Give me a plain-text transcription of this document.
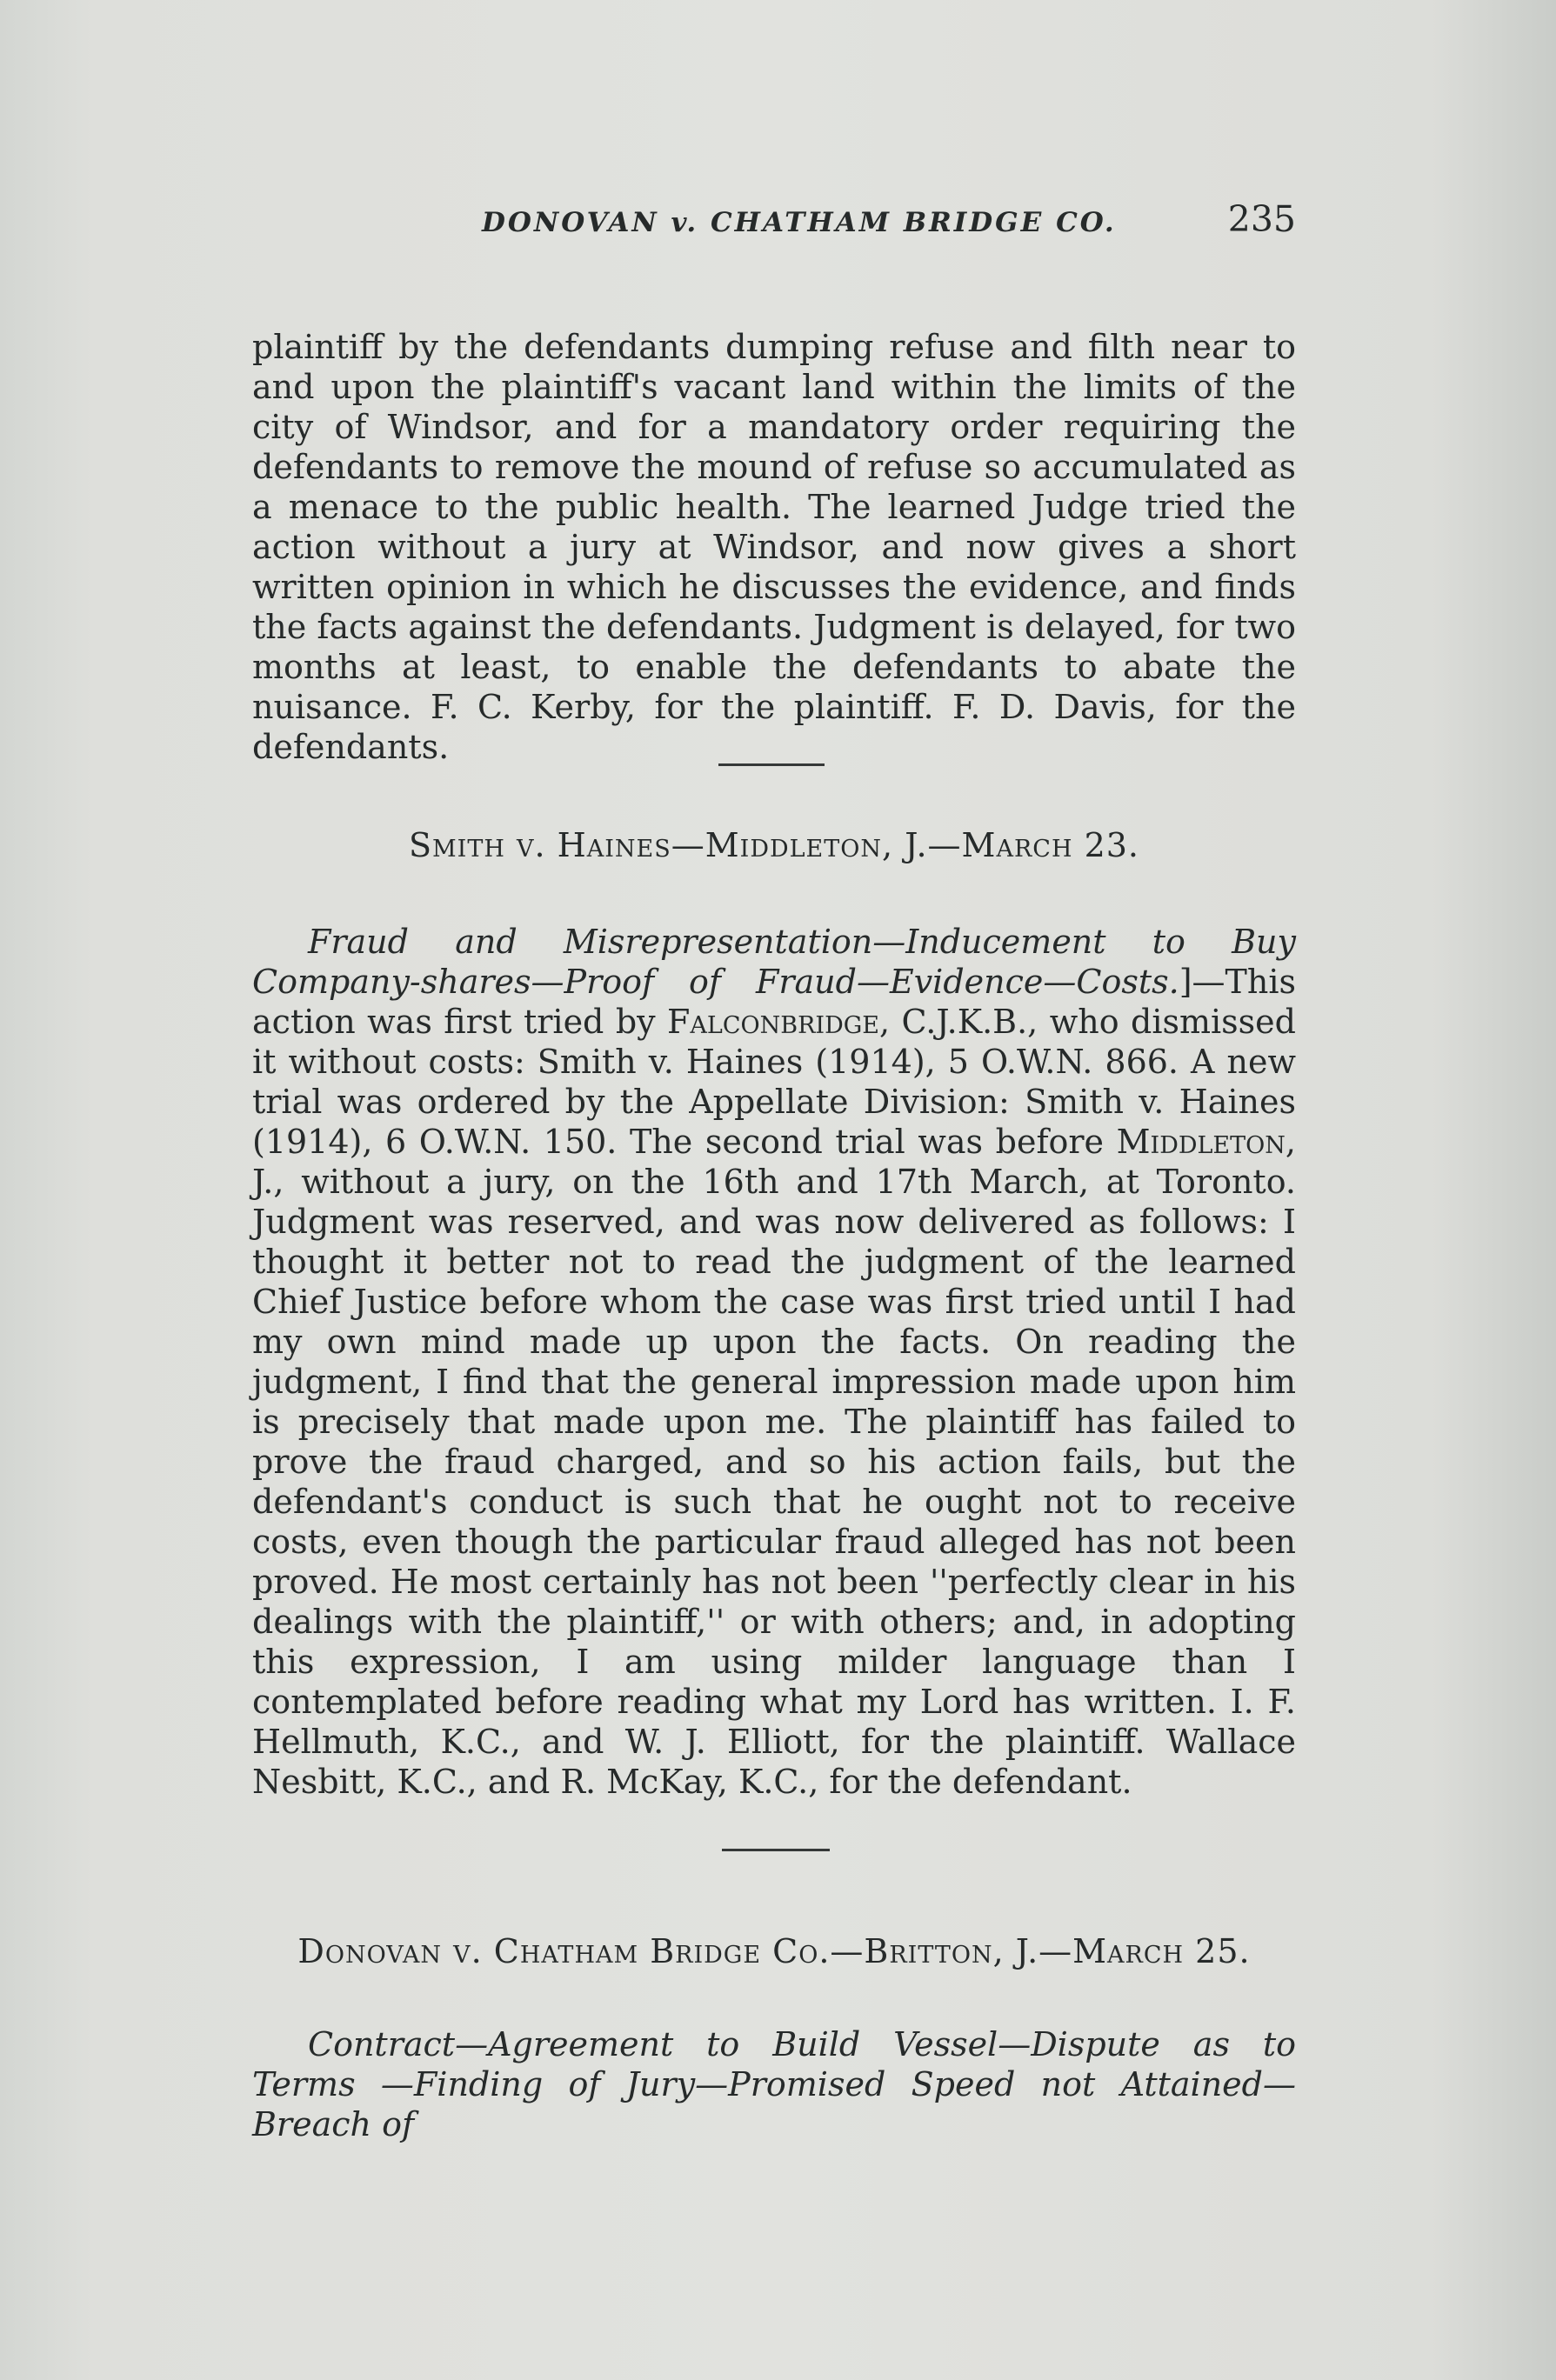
DONOVAN v. CHATHAM BRIDGE CO.	235

plaintiff by the defendants dumping refuse and filth near to and upon the plaintiff's vacant land within the limits of the city of Windsor, and for a mandatory order requiring the defendants to remove the mound of refuse so accumulated as a menace to the public health. The learned Judge tried the action without a jury at Windsor, and now gives a short written opinion in which he discusses the evidence, and finds the facts against the defendants. Judgment is delayed, for two months at least, to enable the defendants to abate the nuisance. F. C. Kerby, for the plaintiff. F. D. Davis, for the defendants.

Smith v. Haines—Middleton, J.—March 23.

Fraud and Misrepresentation—Inducement to Buy Company-shares—Proof of Fraud—Evidence—Costs.]—This action was first tried by Falconbridge, C.J.K.B., who dismissed it without costs: Smith v. Haines (1914), 5 O.W.N. 866. A new trial was ordered by the Appellate Division: Smith v. Haines (1914), 6 O.W.N. 150. The second trial was before Middleton, J., without a jury, on the 16th and 17th March, at Toronto. Judgment was reserved, and was now delivered as follows: I thought it better not to read the judgment of the learned Chief Justice before whom the case was first tried until I had my own mind made up upon the facts. On reading the judgment, I find that the general impression made upon him is precisely that made upon me. The plaintiff has failed to prove the fraud charged, and so his action fails, but the defendant's conduct is such that he ought not to receive costs, even though the particular fraud alleged has not been proved. He most certainly has not been ''perfectly clear in his dealings with the plaintiff,'' or with others; and, in adopting this expression, I am using milder language than I contemplated before reading what my Lord has written. I. F. Hellmuth, K.C., and W. J. Elliott, for the plaintiff. Wallace Nesbitt, K.C., and R. McKay, K.C., for the defendant.

Donovan v. Chatham Bridge Co.—Britton, J.—March 25.

Contract—Agreement to Build Vessel—Dispute as to Terms —Finding of Jury—Promised Speed not Attained—Breach of
